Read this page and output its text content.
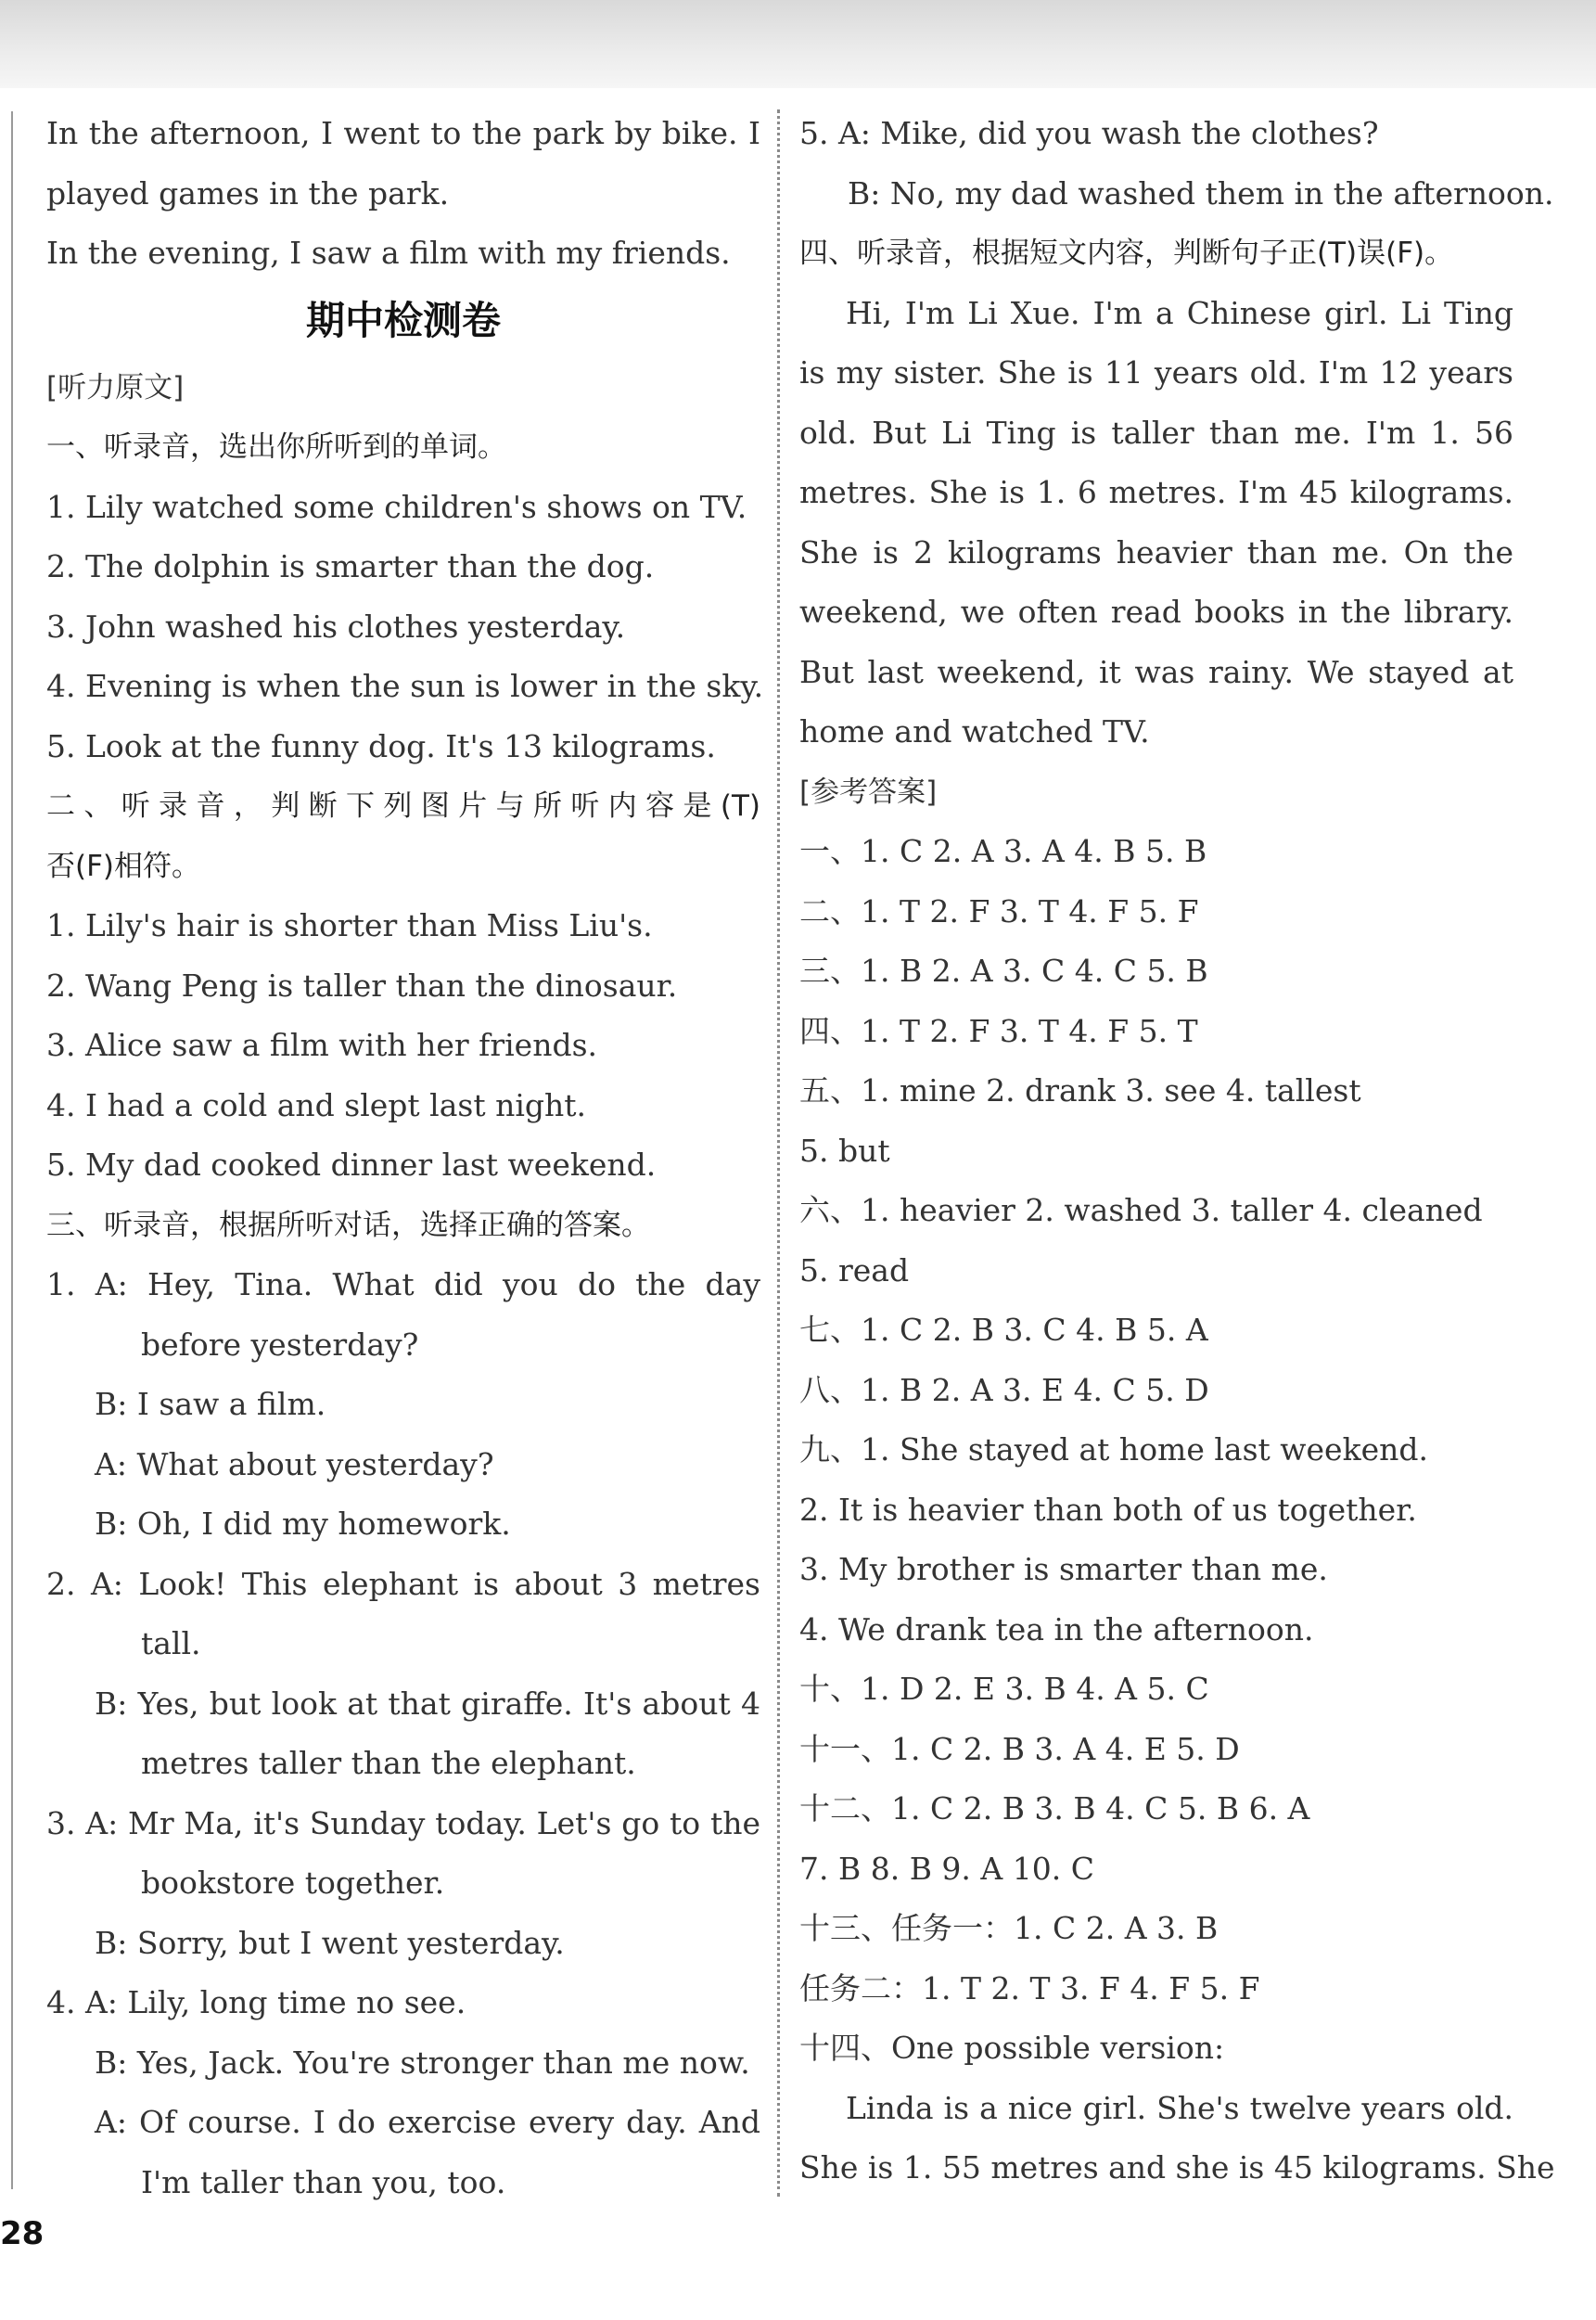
In the afternoon, I went to the park by bike. I
played games in the park.
In the evening, I saw a film with my friends.
期中检测卷
[听力原文]
一、听录音，选出你所听到的单词。
1. Lily watched some children's shows on TV.
2. The dolphin is smarter than the dog.
3. John washed his clothes yesterday.
4. Evening is when the sun is lower in the sky.
5. Look at the funny dog. It's 13 kilograms.
二、听录音，判断下列图片与所听内容是(T)
否(F)相符。
1. Lily's hair is shorter than Miss Liu's.
2. Wang Peng is taller than the dinosaur.
3. Alice saw a film with her friends.
4. I had a cold and slept last night.
5. My dad cooked dinner last weekend.
三、听录音，根据所听对话，选择正确的答案。
1. A: Hey, Tina. What did you do the day
before yesterday?
B: I saw a film.
A: What about yesterday?
B: Oh, I did my homework.
2. A: Look! This elephant is about 3 metres
tall.
B: Yes, but look at that giraffe. It's about 4
metres taller than the elephant.
3. A: Mr Ma, it's Sunday today. Let's go to the
bookstore together.
B: Sorry, but I went yesterday.
4. A: Lily, long time no see.
B: Yes, Jack. You're stronger than me now.
A: Of course. I do exercise every day. And
I'm taller than you, too.
5. A: Mike, did you wash the clothes?
B: No, my dad washed them in the afternoon.
四、听录音，根据短文内容，判断句子正(T)误(F)。
Hi, I'm Li Xue. I'm a Chinese girl. Li Ting
is my sister. She is 11 years old. I'm 12 years
old. But Li Ting is taller than me. I'm 1. 56
metres. She is 1. 6 metres. I'm 45 kilograms.
She is 2 kilograms heavier than me. On the
weekend, we often read books in the library.
But last weekend, it was rainy. We stayed at
home and watched TV.
[参考答案]
一、1. C 2. A 3. A 4. B 5. B
二、1. T 2. F 3. T 4. F 5. F
三、1. B 2. A 3. C 4. C 5. B
四、1. T 2. F 3. T 4. F 5. T
五、1. mine 2. drank 3. see 4. tallest
5. but
六、1. heavier 2. washed 3. taller 4. cleaned
5. read
七、1. C 2. B 3. C 4. B 5. A
八、1. B 2. A 3. E 4. C 5. D
九、1. She stayed at home last weekend.
2. It is heavier than both of us together.
3. My brother is smarter than me.
4. We drank tea in the afternoon.
十、1. D 2. E 3. B 4. A 5. C
十一、1. C 2. B 3. A 4. E 5. D
十二、1. C 2. B 3. B 4. C 5. B 6. A
7. B 8. B 9. A 10. C
十三、任务一：1. C 2. A 3. B
任务二：1. T 2. T 3. F 4. F 5. F
十四、One possible version:
Linda is a nice girl. She's twelve years old.
She is 1. 55 metres and she is 45 kilograms. She
28
